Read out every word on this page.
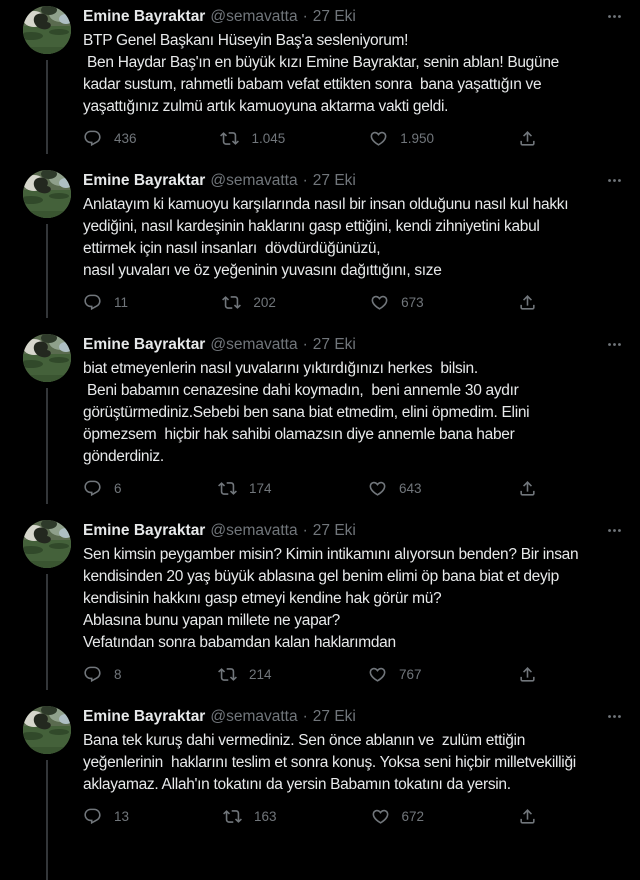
Emine Bayraktar @semavatta · 27 Eki
BTP Genel Başkanı Hüseyin Baş'a sesleniyorum!
Ben Haydar Baş'ın en büyük kızı Emine Bayraktar, senin ablan! Bugüne
kadar sustum, rahmetli babam vefat ettikten sonra  bana yaşattığın ve
yaşattığınız zulmü artık kamuoyuna aktarma vakti geldi.
436	1.045	1.950
Emine Bayraktar @semavatta · 27 Eki
Anlatayım ki kamuoyu karşılarında nasıl bir insan olduğunu nasıl kul hakkı
yediğini, nasıl kardeşinin haklarını gasp ettiğini, kendi zihniyetini kabul
ettirmek için nasıl insanları  dövdürdüğünüzü,
nasıl yuvaları ve öz yeğeninin yuvasını dağıttığını, sıze
11	202	673
Emine Bayraktar @semavatta · 27 Eki
biat etmeyenlerin nasıl yuvalarını yıktırdığınızı herkes  bilsin.
Beni babamın cenazesine dahi koymadın,  beni annemle 30 aydır
görüştürmediniz.Sebebi ben sana biat etmedim, elini öpmedim. Elini
öpmezsem  hiçbir hak sahibi olamazsın diye annemle bana haber
gönderdiniz.
6	174	643
Emine Bayraktar @semavatta · 27 Eki
Sen kimsin peygamber misin? Kimin intikamını alıyorsun benden? Bir insan
kendisinden 20 yaş büyük ablasına gel benim elimi öp bana biat et deyip
kendisinin hakkını gasp etmeyi kendine hak görür mü?
Ablasına bunu yapan millete ne yapar?
Vefatından sonra babamdan kalan haklarımdan
8	214	767
Emine Bayraktar @semavatta · 27 Eki
Bana tek kuruş dahi vermediniz. Sen önce ablanın ve  zulüm ettiğin
yeğenlerinin  haklarını teslim et sonra konuş. Yoksa seni hiçbir milletvekilliği
aklayamaz. Allah'ın tokatını da yersin Babamın tokatını da yersin.
13	163	672
